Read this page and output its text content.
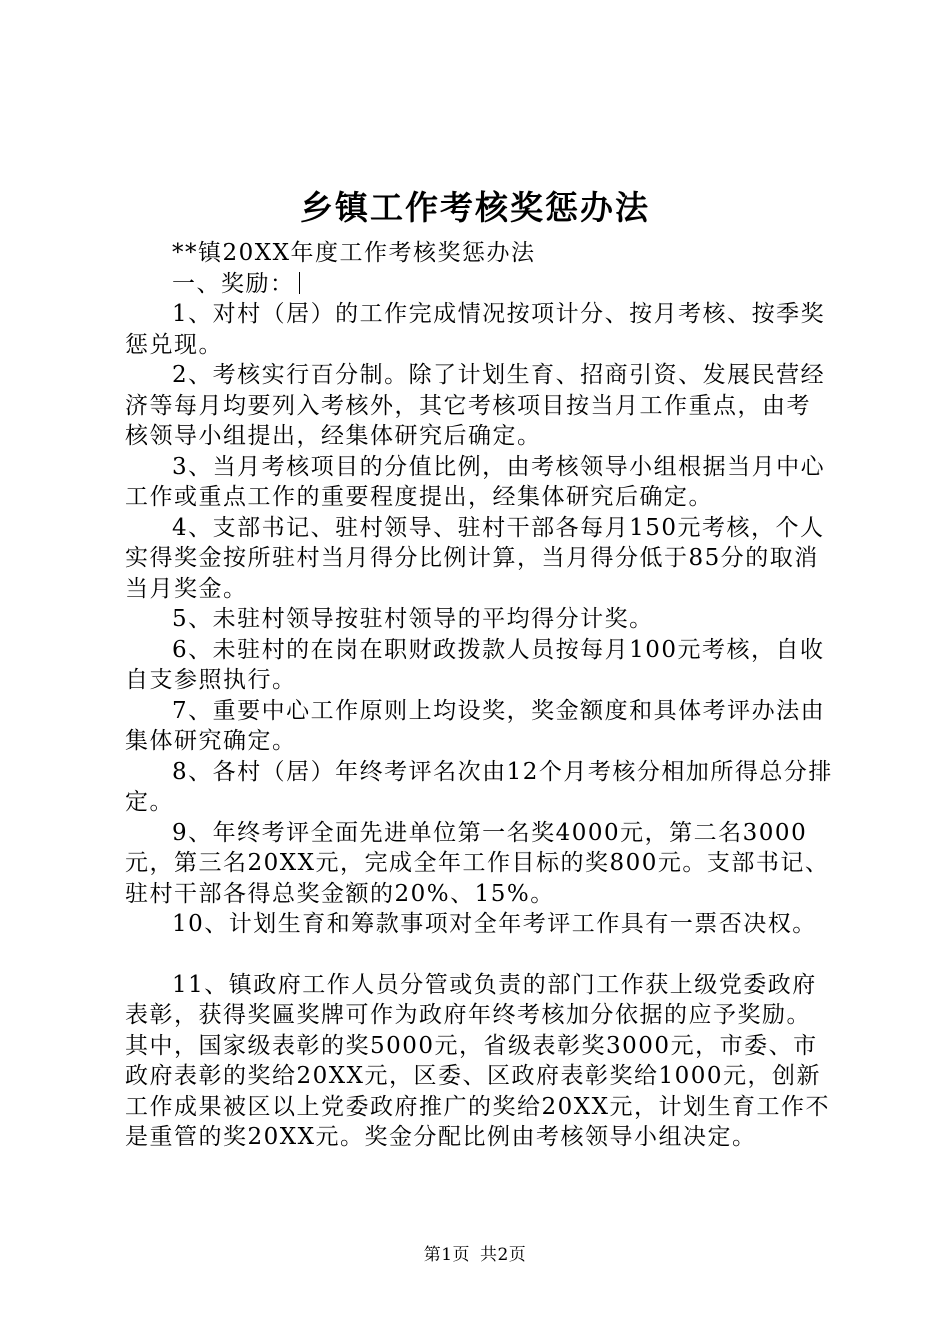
乡镇工作考核奖惩办法

**镇20XX年度工作考核奖惩办法

一、奖励：

1、对村（居）的工作完成情况按项计分、按月考核、按季奖惩兑现。

2、考核实行百分制。除了计划生育、招商引资、发展民营经济等每月均要列入考核外，其它考核项目按当月工作重点，由考核领导小组提出，经集体研究后确定。

3、当月考核项目的分值比例，由考核领导小组根据当月中心工作或重点工作的重要程度提出，经集体研究后确定。

4、支部书记、驻村领导、驻村干部各每月150元考核，个人实得奖金按所驻村当月得分比例计算，当月得分低于85分的取消当月奖金。

5、未驻村领导按驻村领导的平均得分计奖。

6、未驻村的在岗在职财政拨款人员按每月100元考核，自收自支参照执行。

7、重要中心工作原则上均设奖，奖金额度和具体考评办法由集体研究确定。

8、各村（居）年终考评名次由12个月考核分相加所得总分排定。

9、年终考评全面先进单位第一名奖4000元，第二名3000元，第三名20XX元，完成全年工作目标的奖800元。支部书记、驻村干部各得总奖金额的20%、15%。

10、计划生育和筹款事项对全年考评工作具有一票否决权。

11、镇政府工作人员分管或负责的部门工作获上级党委政府表彰，获得奖匾奖牌可作为政府年终考核加分依据的应予奖励。其中，国家级表彰的奖5000元，省级表彰奖3000元，市委、市政府表彰的奖给20XX元，区委、区政府表彰奖给1000元，创新工作成果被区以上党委政府推广的奖给20XX元，计划生育工作不是重管的奖20XX元。奖金分配比例由考核领导小组决定。

第1页 共2页
